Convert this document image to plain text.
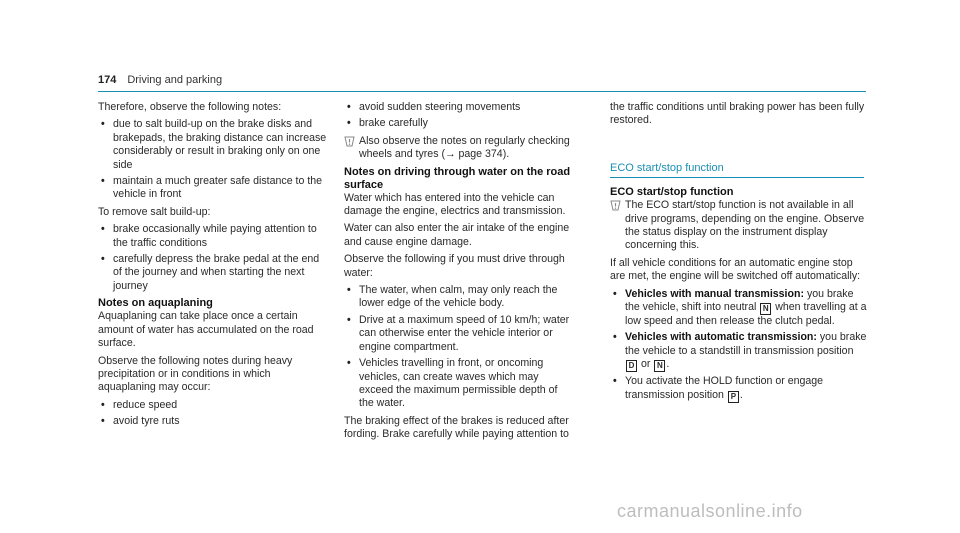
174 Driving and parking

Therefore, observe the following notes:

• due to salt build-up on the brake disks and brakepads, the braking distance can increase considerably or result in braking only on one side
• maintain a much greater safe distance to the vehicle in front

To remove salt build-up:

• brake occasionally while paying attention to the traffic conditions
• carefully depress the brake pedal at the end of the journey and when starting the next journey
Notes on aquaplaning

Aquaplaning can take place once a certain amount of water has accumulated on the road surface.

Observe the following notes during heavy precipitation or in conditions in which aquaplaning may occur:

• reduce speed
• avoid tyre ruts
• avoid sudden steering movements
• brake carefully
Also observe the notes on regularly checking wheels and tyres (→ page 374).
Notes on driving through water on the road surface

Water which has entered into the vehicle can damage the engine, electrics and transmission.

Water can also enter the air intake of the engine and cause engine damage.

Observe the following if you must drive through water:

• The water, when calm, may only reach the lower edge of the vehicle body.
• Drive at a maximum speed of 10 km/h; water can otherwise enter the vehicle interior or engine compartment.
• Vehicles travelling in front, or oncoming vehicles, can create waves which may exceed the maximum permissible depth of the water.

The braking effect of the brakes is reduced after fording. Brake carefully while paying attention to

the traffic conditions until braking power has been fully restored.

ECO start/stop function
ECO start/stop function
The ECO start/stop function is not available in all drive programs, depending on the engine. Observe the status display on the instrument display concerning this.

If all vehicle conditions for an automatic engine stop are met, the engine will be switched off automatically:

• Vehicles with manual transmission: you brake the vehicle, shift into neutral N when travelling at a low speed and then release the clutch pedal.
• Vehicles with automatic transmission: you brake the vehicle to a standstill in transmission position D or N .
• You activate the HOLD function or engage transmission position P .
carmanualsonline.info
